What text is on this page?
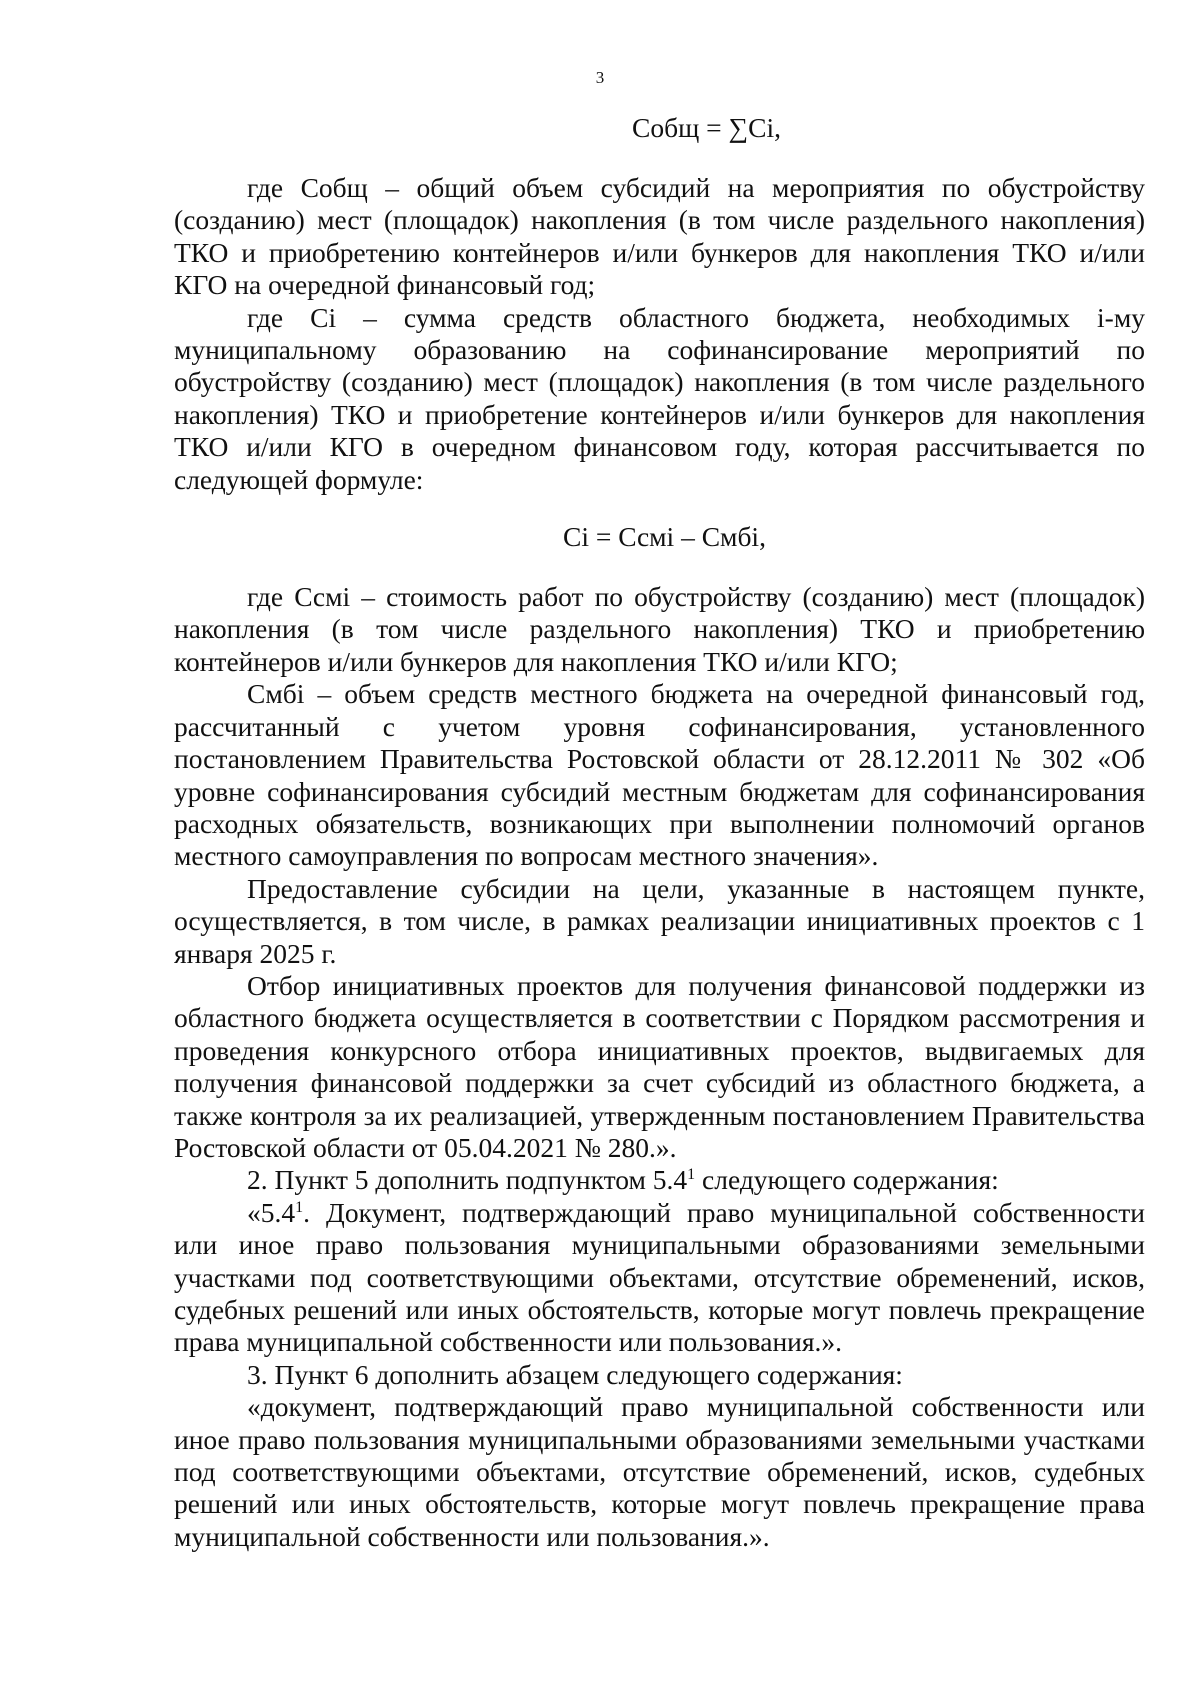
3

Собщ = ∑Сi,

где Собщ – общий объем субсидий на мероприятия по обустройству (созданию) мест (площадок) накопления (в том числе раздельного накопления) ТКО и приобретению контейнеров и/или бункеров для накопления ТКО и/или КГО на очередной финансовый год;

где Сi – сумма средств областного бюджета, необходимых i-му муниципальному образованию на софинансирование мероприятий по обустройству (созданию) мест (площадок) накопления (в том числе раздельного накопления) ТКО и приобретение контейнеров и/или бункеров для накопления ТКО и/или КГО в очередном финансовом году, которая рассчитывается по следующей формуле:

Сi = Ссмi – Смбi,

где Ссмi – стоимость работ по обустройству (созданию) мест (площадок) накопления (в том числе раздельного накопления) ТКО и приобретению контейнеров и/или бункеров для накопления ТКО и/или КГО;

Смбi – объем средств местного бюджета на очередной финансовый год, рассчитанный с учетом уровня софинансирования, установленного постановлением Правительства Ростовской области от 28.12.2011 № 302 «Об уровне софинансирования субсидий местным бюджетам для софинансирования расходных обязательств, возникающих при выполнении полномочий органов местного самоуправления по вопросам местного значения».

Предоставление субсидии на цели, указанные в настоящем пункте, осуществляется, в том числе, в рамках реализации инициативных проектов с 1 января 2025 г.

Отбор инициативных проектов для получения финансовой поддержки из областного бюджета осуществляется в соответствии с Порядком рассмотрения и проведения конкурсного отбора инициативных проектов, выдвигаемых для получения финансовой поддержки за счет субсидий из областного бюджета, а также контроля за их реализацией, утвержденным постановлением Правительства Ростовской области от 05.04.2021 № 280.».

2. Пункт 5 дополнить подпунктом $5.4^1$ следующего содержания:

«$5.4^1$. Документ, подтверждающий право муниципальной собственности или иное право пользования муниципальными образованиями земельными участками под соответствующими объектами, отсутствие обременений, исков, судебных решений или иных обстоятельств, которые могут повлечь прекращение права муниципальной собственности или пользования.».

3. Пункт 6 дополнить абзацем следующего содержания:

«документ, подтверждающий право муниципальной собственности или иное право пользования муниципальными образованиями земельными участками под соответствующими объектами, отсутствие обременений, исков, судебных решений или иных обстоятельств, которые могут повлечь прекращение права муниципальной собственности или пользования.».
